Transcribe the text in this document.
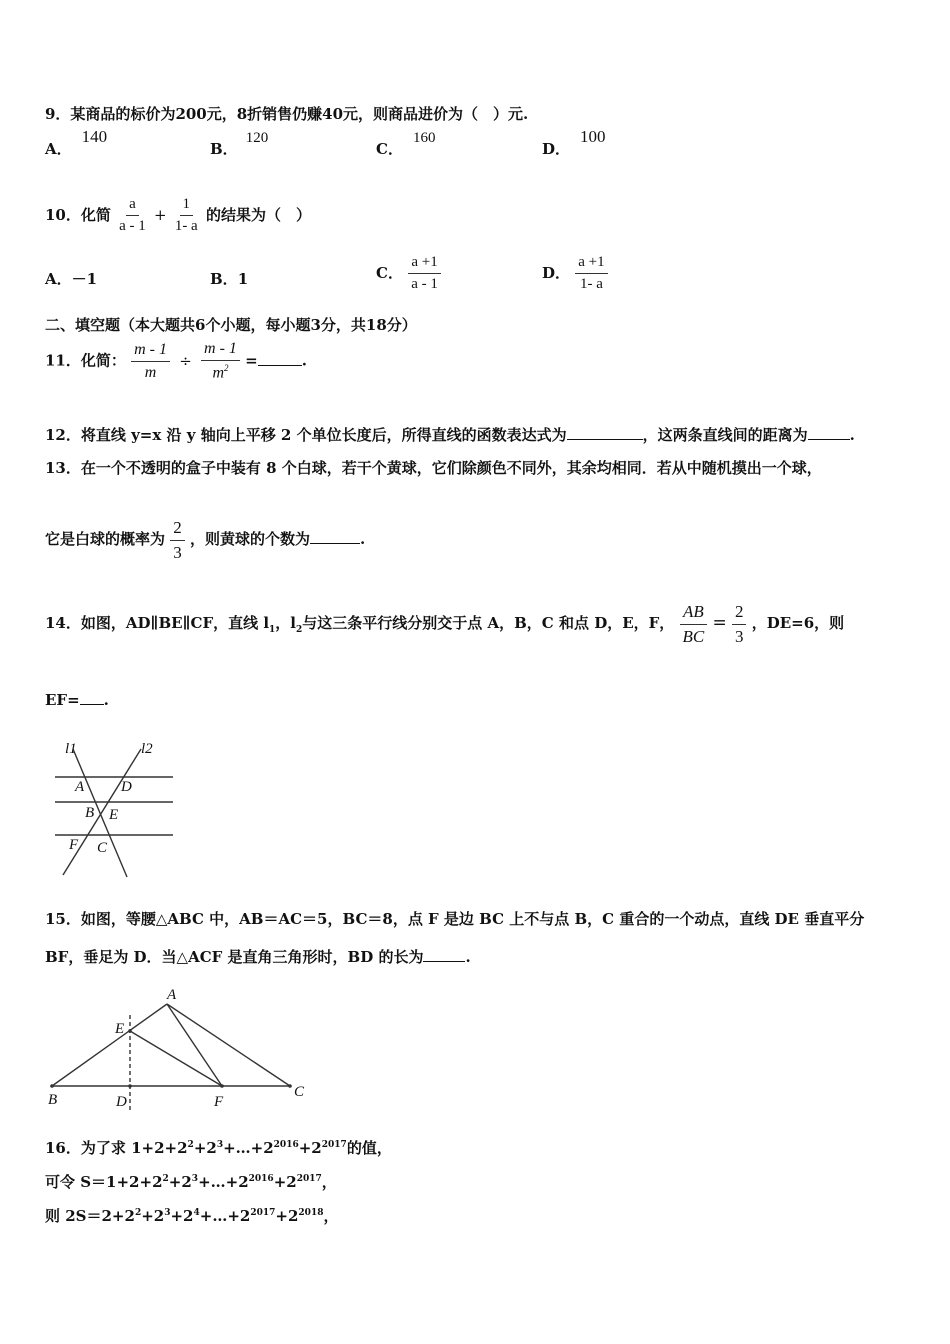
9．某商品的标价为200元，8折销售仍赚40元，则商品进价为（　）元.
A．140
B．120
C．160
D．100
10．化简 $\frac{a}{a - 1} + \frac{1}{1- a}$ 的结果为（　）
A．－1	B．1	C． $\frac{a +1}{a - 1}$	D． $\frac{a +1}{1- a}$
二、填空题（本大题共6个小题，每小题3分，共18分）
11．化简： $\frac{m - 1}{m} \div \frac{m - 1}{m^2}$ =	.
12．将直线 y=x 沿 y 轴向上平移 2 个单位长度后，所得直线的函数表达式为	，这两条直线间的距离为	.
13．在一个不透明的盒子中装有 8 个白球，若干个黄球，它们除颜色不同外，其余均相同．若从中随机摸出一个球，
它是白球的概率为 $\frac{2}{3}$ ，则黄球的个数为	.
14．如图，AD∥BE∥CF，直线 $l_1$，$l_2$与这三条平行线分别交于点 A，B，C 和点 D，E，F， $\frac{AB}{BC} = \frac{2}{3}$ ，DE=6，则
EF= .
l1	l2
A D
B E
F C
15．如图，等腰△ABC 中，AB＝AC＝5，BC＝8，点 F 是边 BC 上不与点 B，C 重合的一个动点，直线 DE 垂直平分
BF，垂足为 D．当△ACF 是直角三角形时，BD 的长为	.
A
E
B	D	F
C
16．为了求 $1+2+2^2+2^3+\dots+2^{2016}+2^{2017}$的值，
可令 $S=1+2+2^2+2^3+\dots+2^{2016}+2^{2017}$，
则 $2S=2+2^2+2^3+2^4+\dots+2^{2017}+2^{2018}$，
